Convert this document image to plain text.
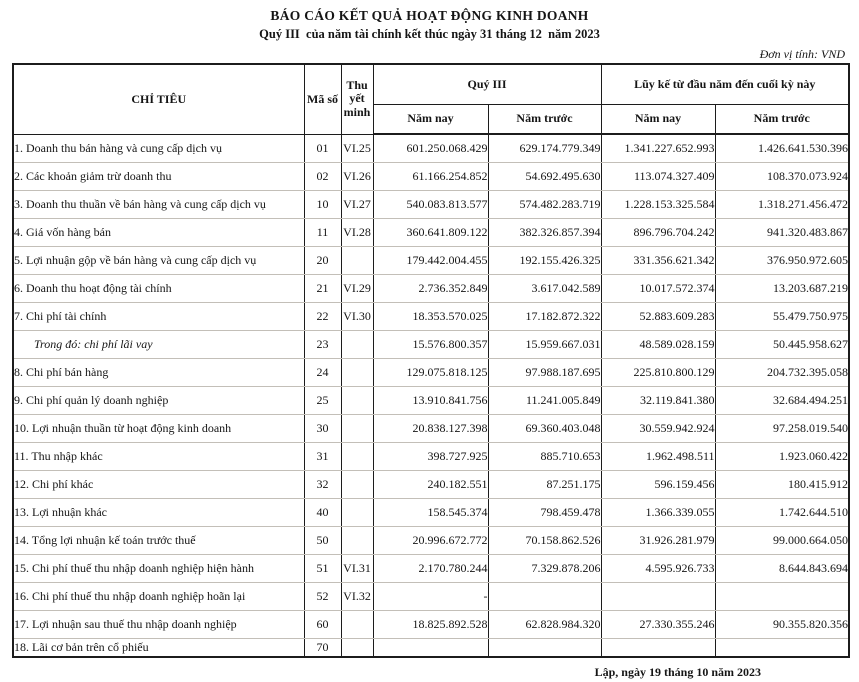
BÁO CÁO KẾT QUẢ HOẠT ĐỘNG KINH DOANH
Quý III  của năm tài chính kết thúc ngày 31 tháng 12  năm 2023
Đơn vị tính: VND
CHỈ TIÊU	Mã số	Thuyết minh	Quý III		Lũy kế từ đầu năm đến cuối kỳ này	
			Năm nay	Năm trước	Năm nay	Năm trước
1. Doanh thu bán hàng và cung cấp dịch vụ	01	VI.25	601.250.068.429	629.174.779.349	1.341.227.652.993	1.426.641.530.396
2. Các khoản giảm trừ doanh thu	02	VI.26	61.166.254.852	54.692.495.630	113.074.327.409	108.370.073.924
3. Doanh thu thuần về bán hàng và cung cấp dịch vụ	10	VI.27	540.083.813.577	574.482.283.719	1.228.153.325.584	1.318.271.456.472
4. Giá vốn hàng bán	11	VI.28	360.641.809.122	382.326.857.394	896.796.704.242	941.320.483.867
5. Lợi nhuận gộp về bán hàng và cung cấp dịch vụ	20		179.442.004.455	192.155.426.325	331.356.621.342	376.950.972.605
6. Doanh thu hoạt động tài chính	21	VI.29	2.736.352.849	3.617.042.589	10.017.572.374	13.203.687.219
7. Chi phí tài chính	22	VI.30	18.353.570.025	17.182.872.322	52.883.609.283	55.479.750.975
Trong đó: chi phí lãi vay	23		15.576.800.357	15.959.667.031	48.589.028.159	50.445.958.627
8. Chi phí bán hàng	24		129.075.818.125	97.988.187.695	225.810.800.129	204.732.395.058
9. Chi phí quản lý doanh nghiệp	25		13.910.841.756	11.241.005.849	32.119.841.380	32.684.494.251
10. Lợi nhuận thuần từ hoạt động kinh doanh	30		20.838.127.398	69.360.403.048	30.559.942.924	97.258.019.540
11. Thu nhập khác	31		398.727.925	885.710.653	1.962.498.511	1.923.060.422
12. Chi phí khác	32		240.182.551	87.251.175	596.159.456	180.415.912
13. Lợi nhuận khác	40		158.545.374	798.459.478	1.366.339.055	1.742.644.510
14. Tổng lợi nhuận kế toán trước thuế	50		20.996.672.772	70.158.862.526	31.926.281.979	99.000.664.050
15. Chi phí thuế thu nhập doanh nghiệp hiện hành	51	VI.31	2.170.780.244	7.329.878.206	4.595.926.733	8.644.843.694
16. Chi phí thuế thu nhập doanh nghiệp hoãn lại	52	VI.32	-			
17. Lợi nhuận sau thuế thu nhập doanh nghiệp	60		18.825.892.528	62.828.984.320	27.330.355.246	90.355.820.356
18. Lãi cơ bản trên cổ phiếu	70					
Lập, ngày 19 tháng 10 năm 2023
